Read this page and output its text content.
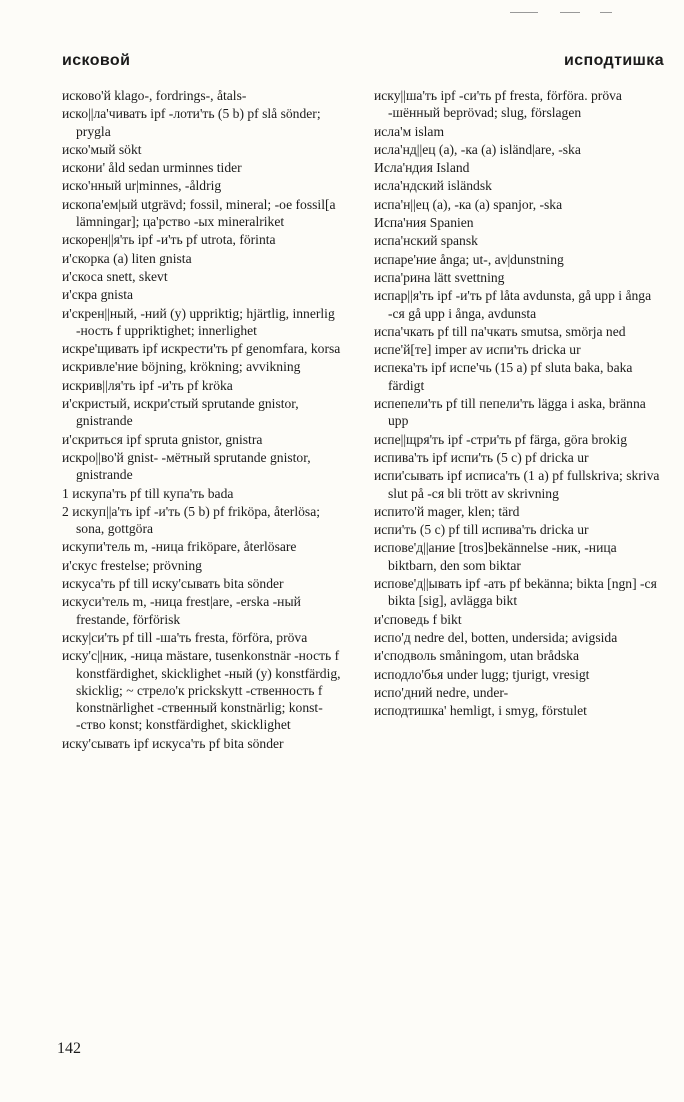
исковой	исподтишка

исково'й klago-, fordrings-, åtals-

иско||ла'чивать ipf -лоти'ть (5 b) pf slå sönder; prygla

иско'мый sökt

искони' åld sedan urminnes tider

иско'нный ur|minnes, -åldrig

ископа'ем|ый utgrävd; fossil, mineral; -ое fossil[a lämningar]; ца'рство -ых mineralriket

искорен||я'ть ipf -и'ть pf utrota, förinta

и'скорка (a) liten gnista

и'скоса snett, skevt

и'скра gnista

и'скрен||ный, -ний (y) uppriktig; hjärtlig, innerlig -ность f uppriktighet; innerlighet

искре'щивать ipf искрести'ть pf genomfara, korsa

искривле'ние böjning, krökning; avvikning

искрив||ля'ть ipf -и'ть pf kröka

и'скристый, искри'стый sprutande gnistor, gnistrande

и'скриться ipf spruta gnistor, gnistra

искро||во'й gnist- -мётный sprutande gnistor, gnistrande

1 искупа'ть pf till купа'ть bada

2 искуп||а'ть ipf -и'ть (5 b) pf friköpa, återlösa; sona, gottgöra

искупи'тель m, -ница friköpare, återlösare

и'скус frestelse; prövning

искуса'ть pf till иску'сывать bita sönder

искуси'тель m, -ница frest|are, -erska -ный frestande, förförisk

иску|си'ть pf till -ша'ть fresta, förföra, pröva

иску'с||ник, -ница mästare, tusenkonstnär -ность f konstfärdighet, skicklighet -ный (y) konstfärdig, skicklig; ~ стрело'к prickskytt -ственность f konstnärlighet -ственный konstnärlig; konst- -ство konst; konstfärdighet, skicklighet

иску'сывать ipf искуса'ть pf bita sönder

иску||ша'ть ipf -си'ть pf fresta, förföra. pröva -шённый beprövad; slug, förslagen

исла'м islam

исла'нд||ец (a), -ка (a) isländ|are, -ska

Исла'ндия Island

исла'ндский isländsk

испа'н||ец (a), -ка (a) spanjor, -ska

Испа'ния Spanien

испа'нский spansk

испаре'ние ånga; ut-, av|dunstning

испа'рина lätt svettning

испар||я'ть ipf -и'ть pf låta avdunsta, gå upp i ånga -ся gå upp i ånga, avdunsta

испа'чкать pf till па'чкать smutsa, smörja ned

испе'й[те] imper av испи'ть dricka ur

испека'ть ipf испе'чь (15 a) pf sluta baka, baka färdigt

испепели'ть pf till пепели'ть lägga i aska, bränna upp

испе||щря'ть ipf -стри'ть pf färga, göra brokig

испива'ть ipf испи'ть (5 c) pf dricka ur

испи'сывать ipf исписа'ть (1 a) pf fullskriva; skriva slut på -ся bli trött av skrivning

испито'й mager, klen; tärd

испи'ть (5 c) pf till испива'ть dricka ur

испове'д||ание [tros]bekännelse -ник, -ница biktbarn, den som biktar

испове'д||ывать ipf -ать pf bekänna; bikta [ngn] -ся bikta [sig], avlägga bikt

и'споведь f bikt

испо'д nedre del, botten, undersida; avigsida

и'сподволь småningom, utan brådska

исподло'бья under lugg; tjurigt, vresigt

испо'дний nedre, under-

исподтишка' hemligt, i smyg, förstulet

142
